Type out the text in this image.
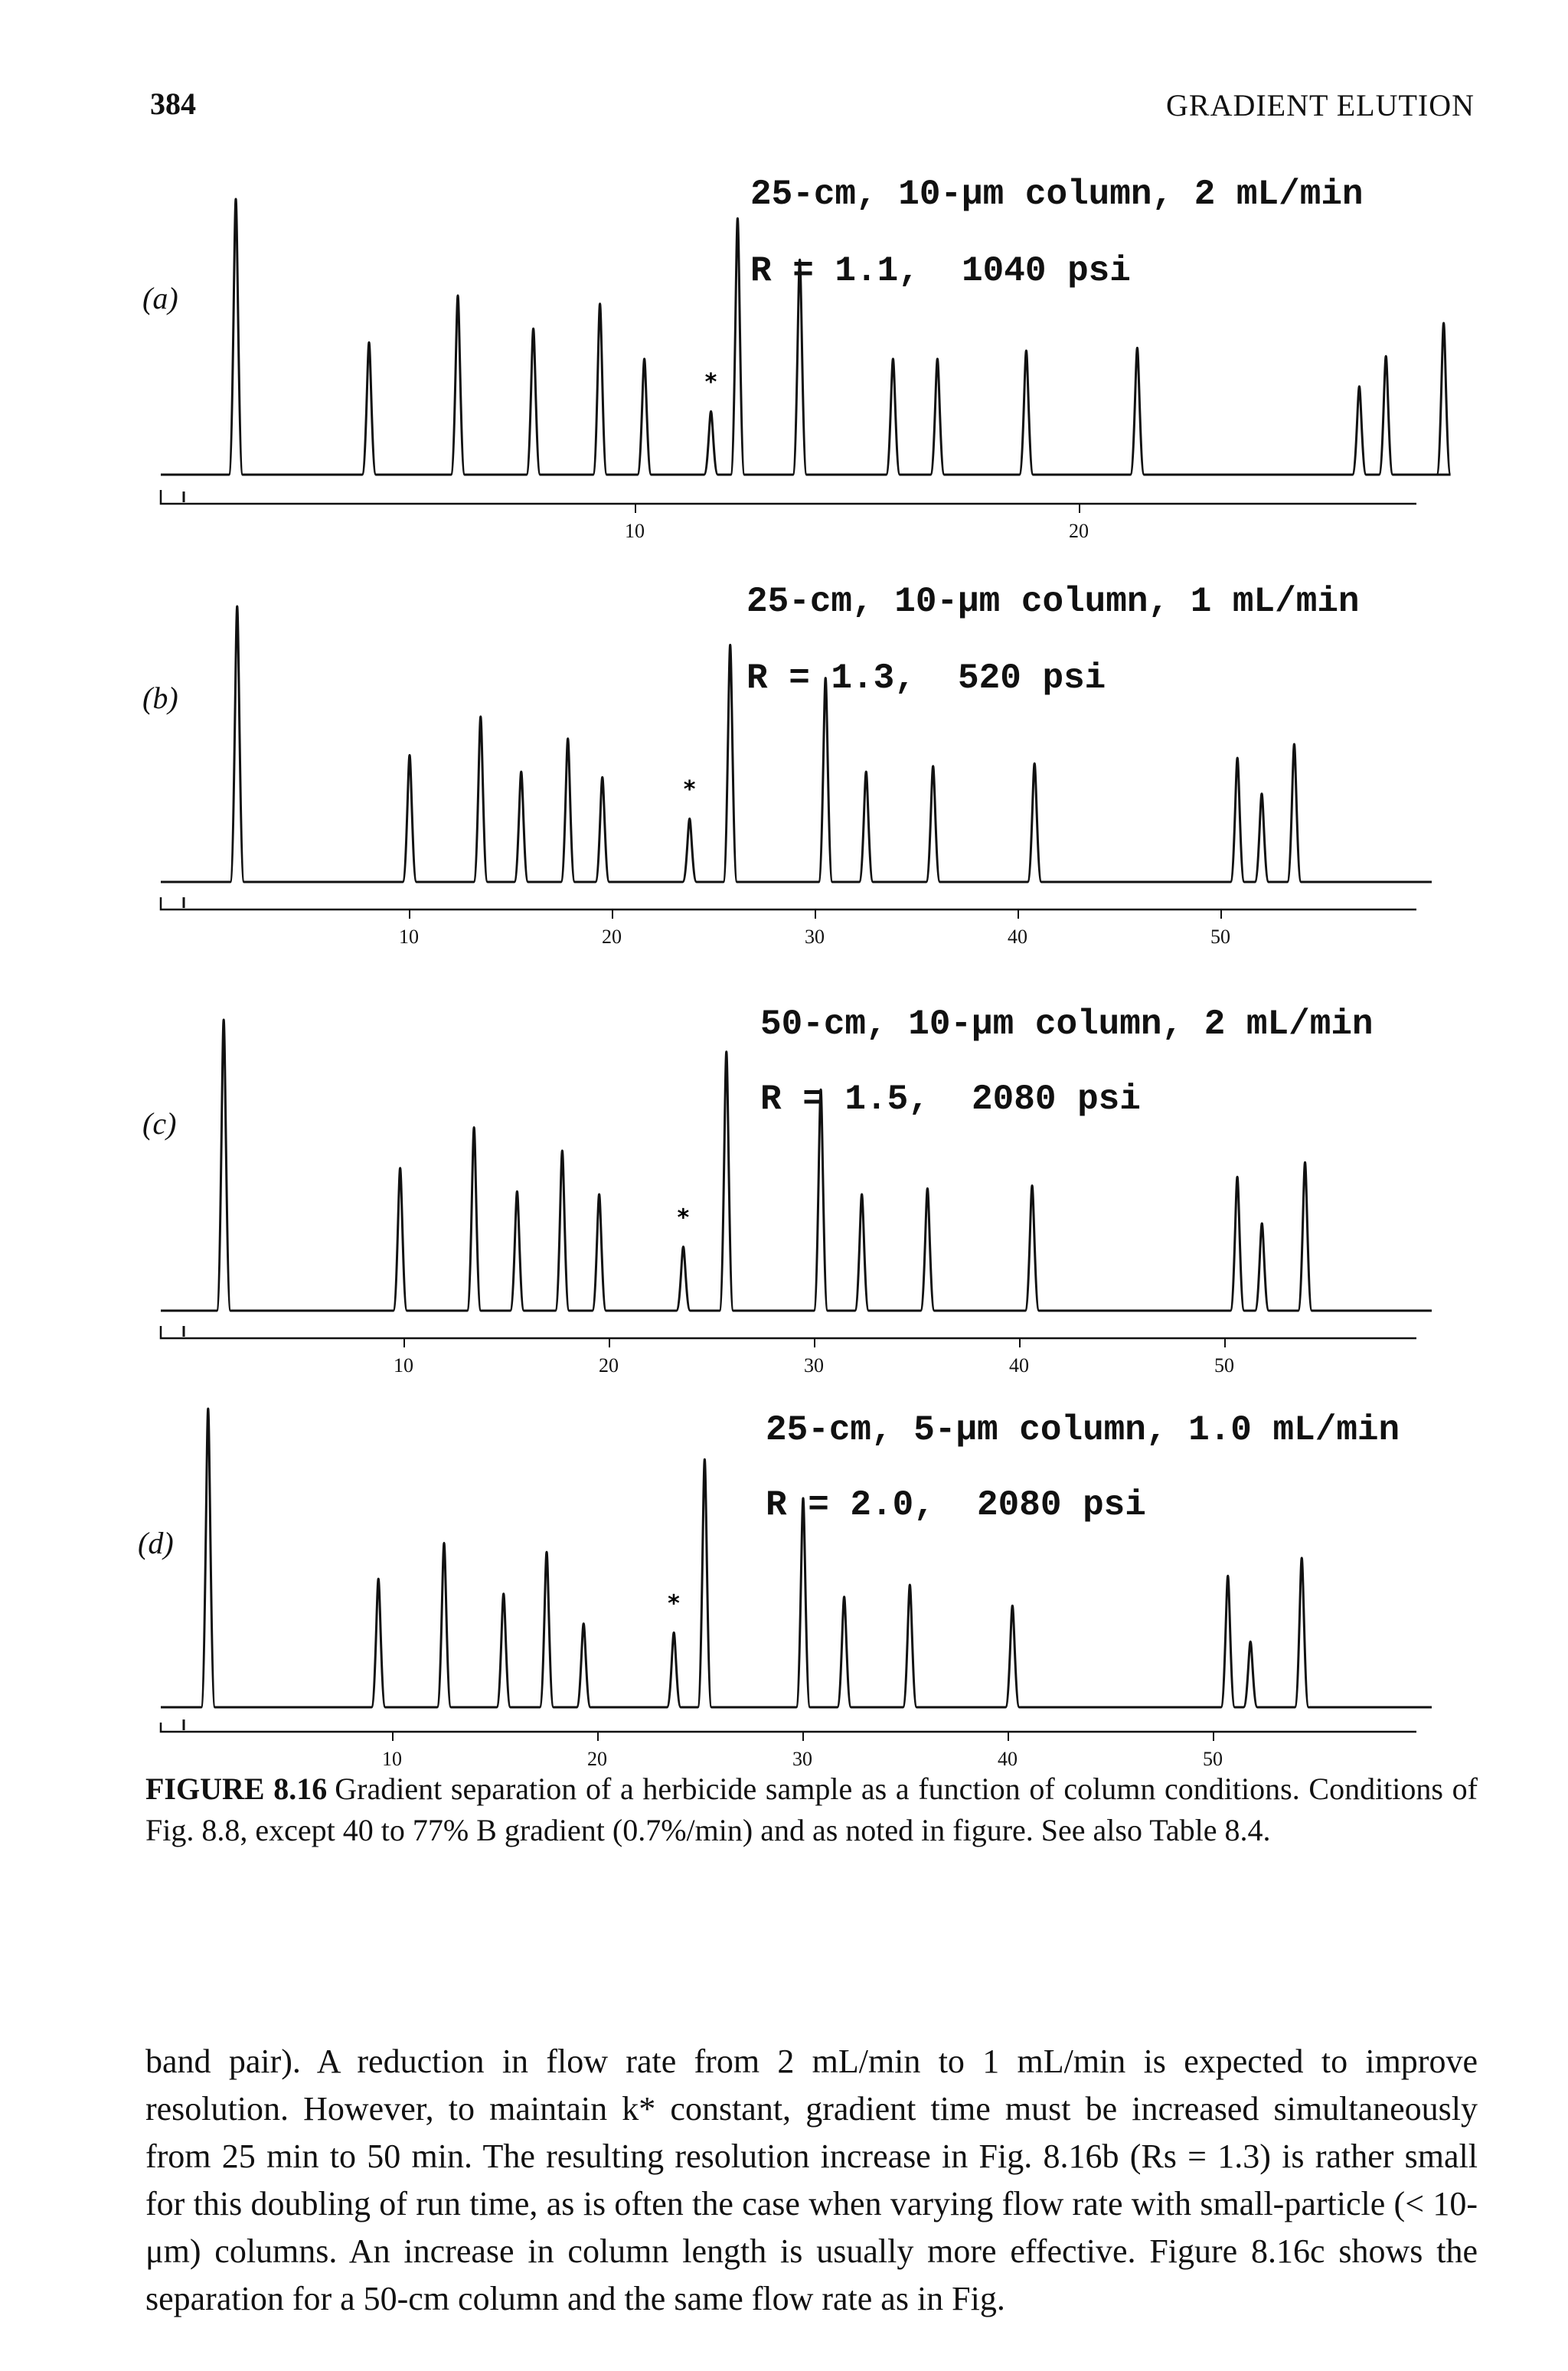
384	GRADIENT ELUTION
*
10	20
(a)
25-cm, 10-μm column, 2 mL/min
R = 1.1,  1040 psi
*
10	20	30	40	50
(b)
25-cm, 10-μm column, 1 mL/min
R = 1.3,  520 psi
*
10	20	30	40	50
(c)
50-cm, 10-μm column, 2 mL/min
R = 1.5,  2080 psi
*
10	20	30	40	50
(d)
25-cm, 5-μm column, 1.0 mL/min
R = 2.0,  2080 psi
FIGURE 8.16 Gradient separation of a herbicide sample as a function of column conditions. Conditions of Fig. 8.8, except 40 to 77% B gradient (0.7%/min) and as noted in figure. See also Table 8.4.

band pair). A reduction in flow rate from 2 mL/min to 1 mL/min is expected to improve resolution. However, to maintain k* constant, gradient time must be increased simultaneously from 25 min to 50 min. The resulting resolution increase in Fig. 8.16b (Rs = 1.3) is rather small for this doubling of run time, as is often the case when varying flow rate with small-particle (< 10-μm) columns. An increase in column length is usually more effective. Figure 8.16c shows the separation for a 50-cm column and the same flow rate as in Fig.
